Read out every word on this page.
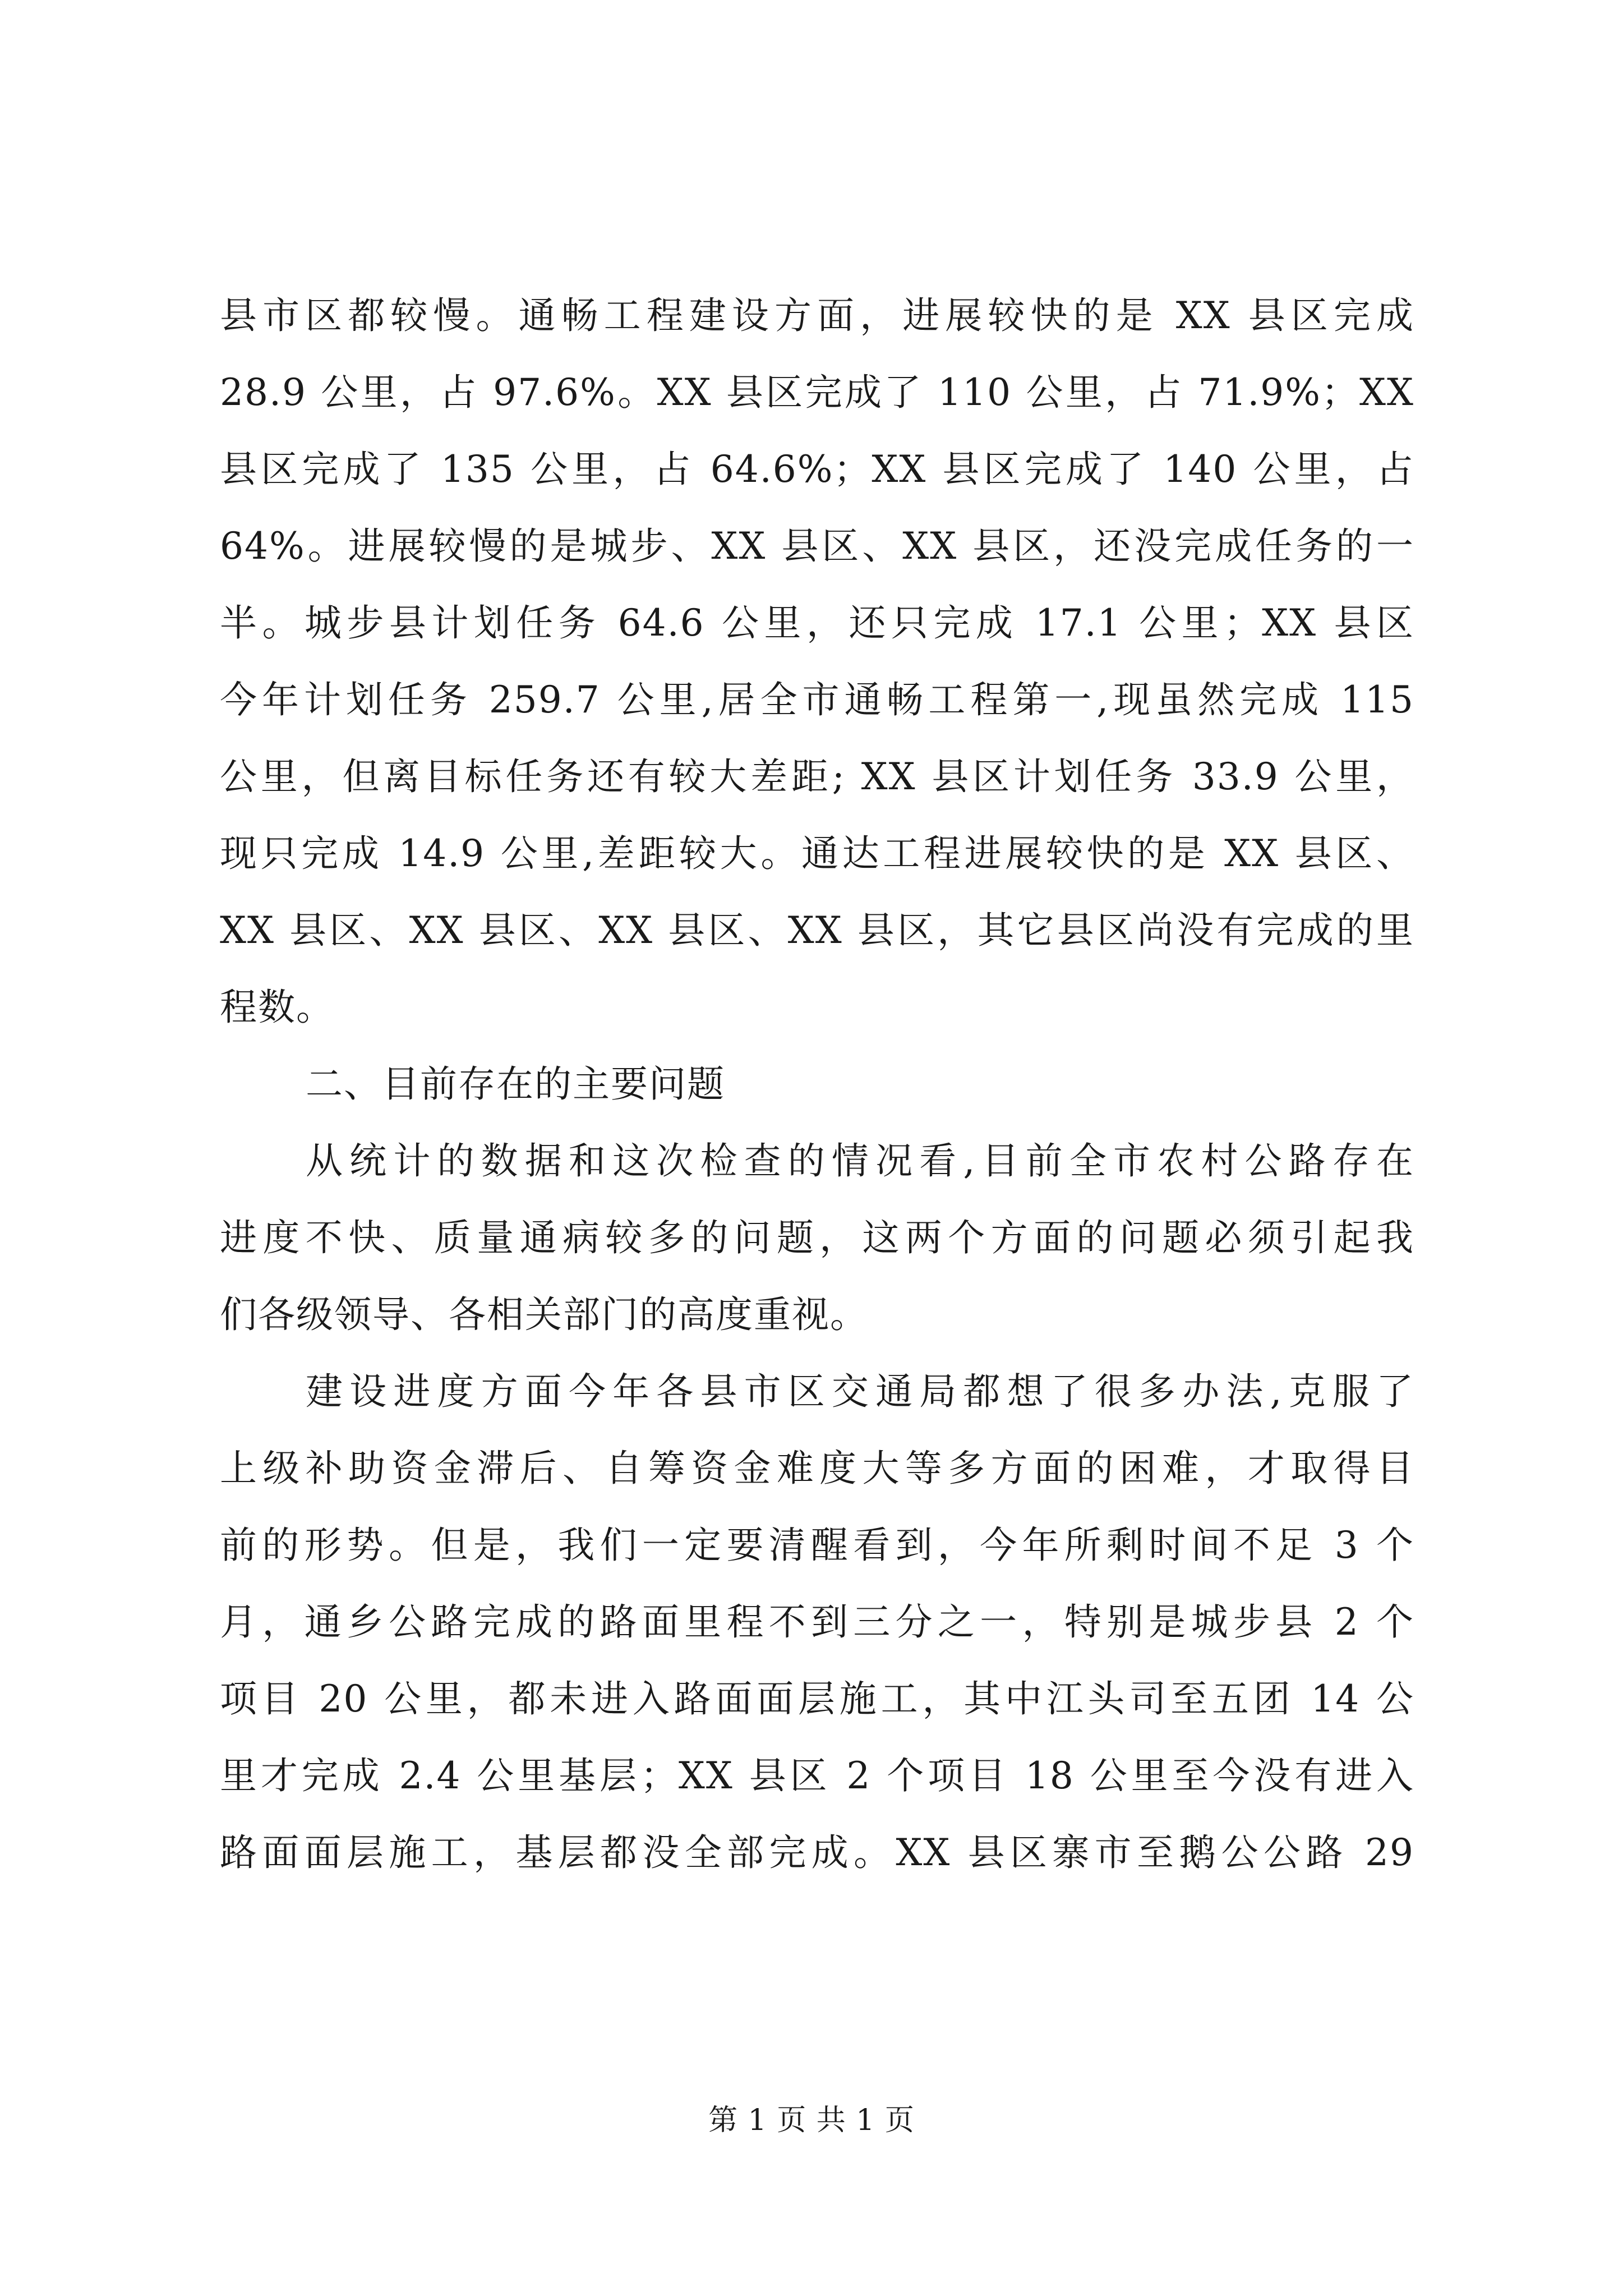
县市区都较慢。通畅工程建设方面，进展较快的是 XX 县区完成
28.9 公里，占 97.6%。XX 县区完成了 110 公里，占 71.9%；XX
县区完成了 135 公里，占 64.6%；XX 县区完成了 140 公里，占
64%。进展较慢的是城步、XX 县区、XX 县区，还没完成任务的一
半。城步县计划任务 64.6 公里，还只完成 17.1 公里；XX 县区
今年计划任务 259.7 公里,居全市通畅工程第一,现虽然完成 115
公里，但离目标任务还有较大差距; XX 县区计划任务 33.9 公里，
现只完成 14.9 公里,差距较大。通达工程进展较快的是 XX 县区、
XX 县区、XX 县区、XX 县区、XX 县区，其它县区尚没有完成的里
程数。
二、目前存在的主要问题
从统计的数据和这次检查的情况看,目前全市农村公路存在
进度不快、质量通病较多的问题，这两个方面的问题必须引起我
们各级领导、各相关部门的高度重视。
建设进度方面今年各县市区交通局都想了很多办法,克服了
上级补助资金滞后、自筹资金难度大等多方面的困难，才取得目
前的形势。但是，我们一定要清醒看到，今年所剩时间不足 3 个
月，通乡公路完成的路面里程不到三分之一，特别是城步县 2 个
项目 20 公里，都未进入路面面层施工，其中江头司至五团 14 公
里才完成 2.4 公里基层；XX 县区 2 个项目 18 公里至今没有进入
路面面层施工，基层都没全部完成。XX 县区寨市至鹅公公路 29
第 1 页 共 1 页
